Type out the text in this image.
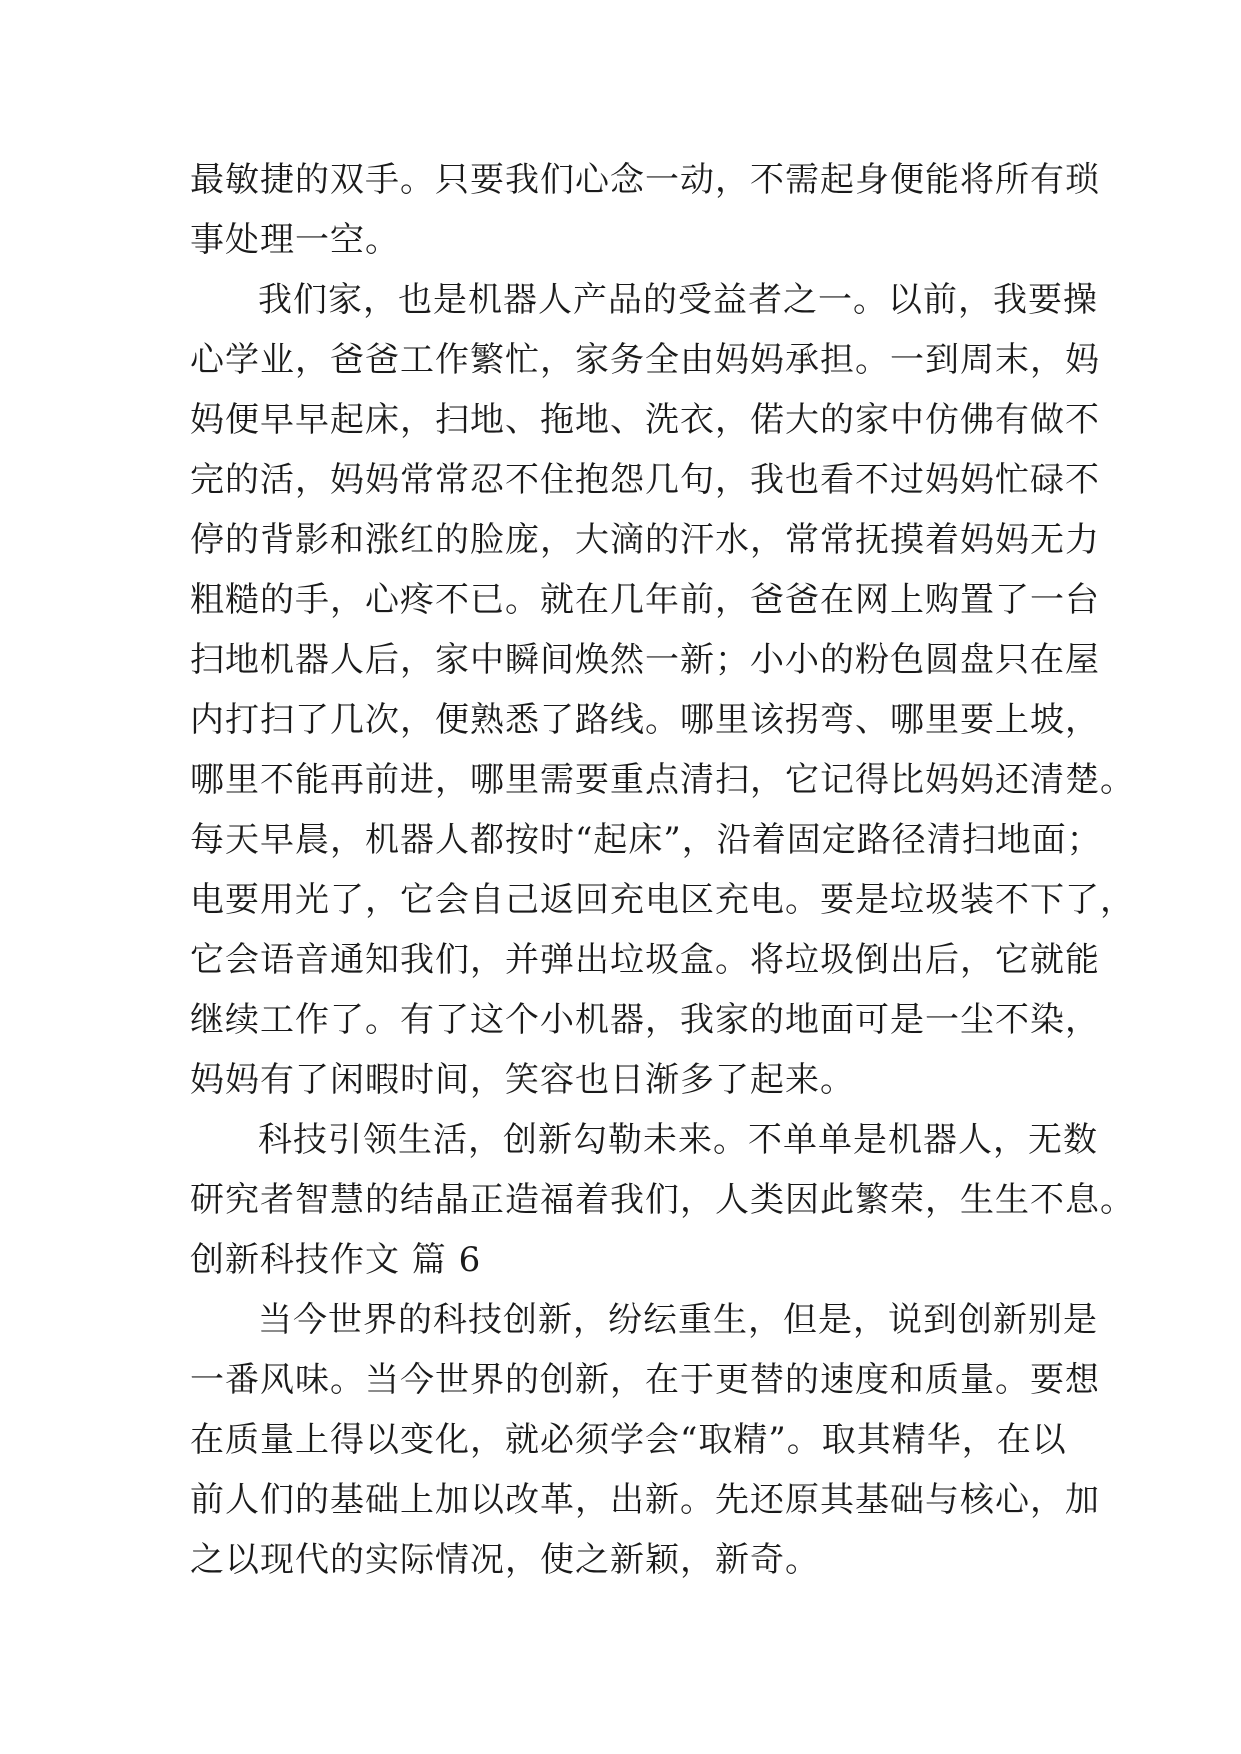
最敏捷的双手。只要我们心念一动，不需起身便能将所有琐
事处理一空。
我们家，也是机器人产品的受益者之一。以前，我要操
心学业，爸爸工作繁忙，家务全由妈妈承担。一到周末，妈
妈便早早起床，扫地、拖地、洗衣，偌大的家中仿佛有做不
完的活，妈妈常常忍不住抱怨几句，我也看不过妈妈忙碌不
停的背影和涨红的脸庞，大滴的汗水，常常抚摸着妈妈无力
粗糙的手，心疼不已。就在几年前，爸爸在网上购置了一台
扫地机器人后，家中瞬间焕然一新；小小的粉色圆盘只在屋
内打扫了几次，便熟悉了路线。哪里该拐弯、哪里要上坡，
哪里不能再前进，哪里需要重点清扫，它记得比妈妈还清楚。
每天早晨，机器人都按时“起床”，沿着固定路径清扫地面；
电要用光了，它会自己返回充电区充电。要是垃圾装不下了，
它会语音通知我们，并弹出垃圾盒。将垃圾倒出后，它就能
继续工作了。有了这个小机器，我家的地面可是一尘不染，
妈妈有了闲暇时间，笑容也日渐多了起来。
科技引领生活，创新勾勒未来。不单单是机器人，无数
研究者智慧的结晶正造福着我们，人类因此繁荣，生生不息。
创新科技作文 篇 6
当今世界的科技创新，纷纭重生，但是，说到创新别是
一番风味。当今世界的创新，在于更替的速度和质量。要想
在质量上得以变化，就必须学会“取精”。取其精华，在以
前人们的基础上加以改革，出新。先还原其基础与核心，加
之以现代的实际情况，使之新颖，新奇。
